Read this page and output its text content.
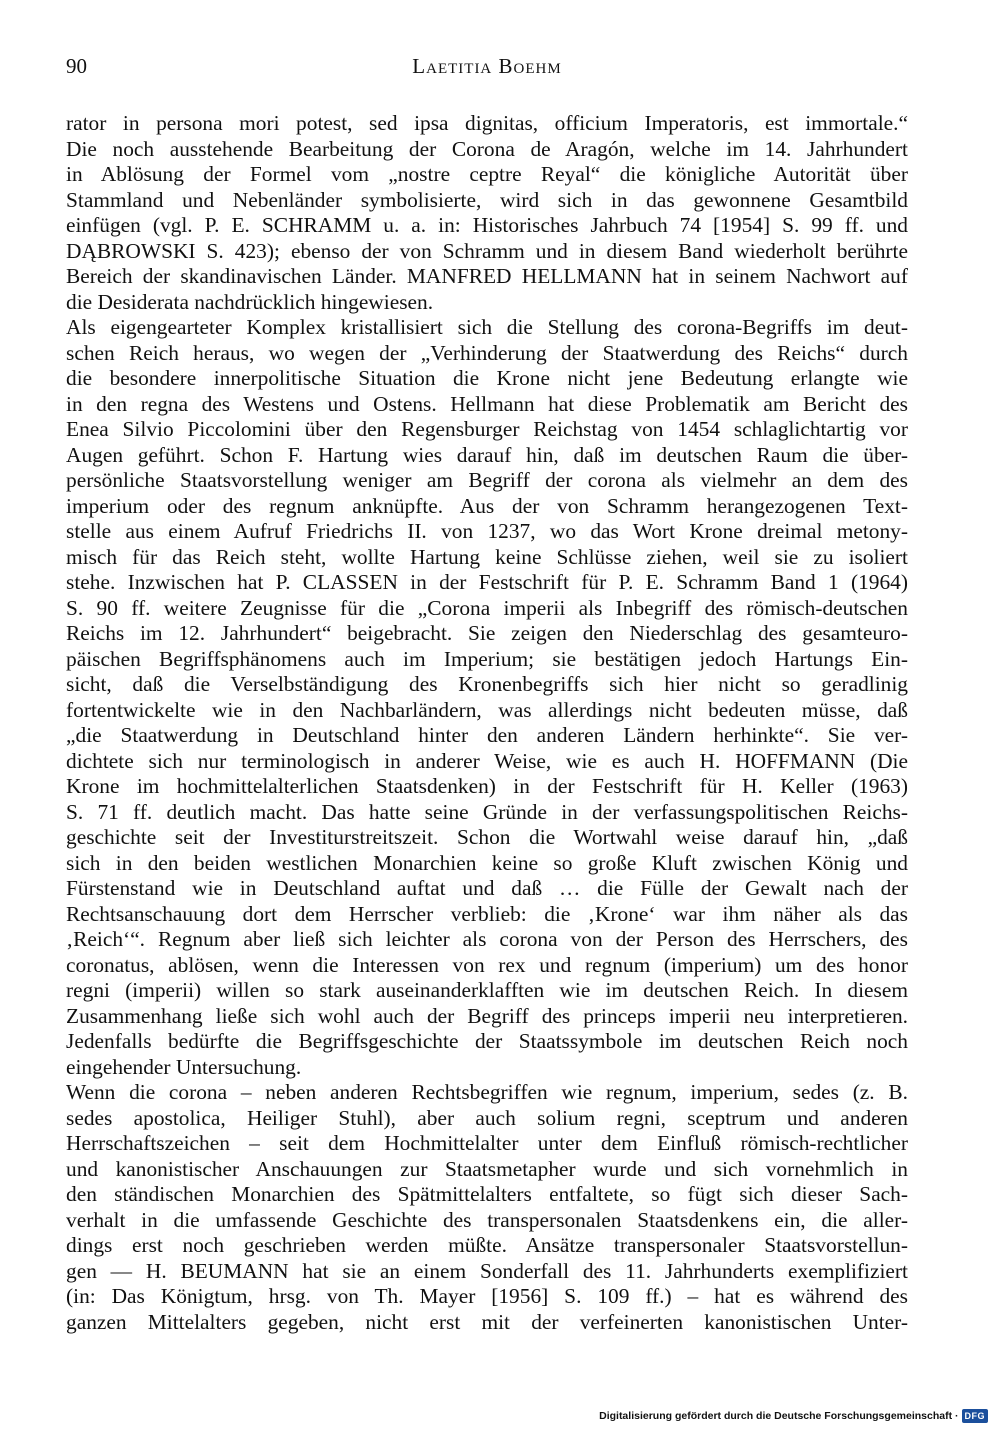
90	Laetitia Boehm
rator in persona mori potest, sed ipsa dignitas, officium Imperatoris, est immortale.“
Die noch ausstehende Bearbeitung der Corona de Aragón, welche im 14. Jahrhundert
in Ablösung der Formel vom „nostre ceptre Reyal“ die königliche Autorität über
Stammland und Nebenländer symbolisierte, wird sich in das gewonnene Gesamtbild
einfügen (vgl. P. E. SCHRAMM u. a. in: Historisches Jahrbuch 74 [1954] S. 99 ff. und
DĄBROWSKI S. 423); ebenso der von Schramm und in diesem Band wiederholt berührte
Bereich der skandinavischen Länder. MANFRED HELLMANN hat in seinem Nachwort auf
die Desiderata nachdrücklich hingewiesen.
Als eigengearteter Komplex kristallisiert sich die Stellung des corona-Begriffs im deut-
schen Reich heraus, wo wegen der „Verhinderung der Staatwerdung des Reichs“ durch
die besondere innerpolitische Situation die Krone nicht jene Bedeutung erlangte wie
in den regna des Westens und Ostens. Hellmann hat diese Problematik am Bericht des
Enea Silvio Piccolomini über den Regensburger Reichstag von 1454 schlaglichtartig vor
Augen geführt. Schon F. Hartung wies darauf hin, daß im deutschen Raum die über-
persönliche Staatsvorstellung weniger am Begriff der corona als vielmehr an dem des
imperium oder des regnum anknüpfte. Aus der von Schramm herangezogenen Text-
stelle aus einem Aufruf Friedrichs II. von 1237, wo das Wort Krone dreimal metony-
misch für das Reich steht, wollte Hartung keine Schlüsse ziehen, weil sie zu isoliert
stehe. Inzwischen hat P. CLASSEN in der Festschrift für P. E. Schramm Band 1 (1964)
S. 90 ff. weitere Zeugnisse für die „Corona imperii als Inbegriff des römisch-deutschen
Reichs im 12. Jahrhundert“ beigebracht. Sie zeigen den Niederschlag des gesamteuro-
päischen Begriffsphänomens auch im Imperium; sie bestätigen jedoch Hartungs Ein-
sicht, daß die Verselbständigung des Kronenbegriffs sich hier nicht so geradlinig
fortentwickelte wie in den Nachbarländern, was allerdings nicht bedeuten müsse, daß
„die Staatwerdung in Deutschland hinter den anderen Ländern herhinkte“. Sie ver-
dichtete sich nur terminologisch in anderer Weise, wie es auch H. HOFFMANN (Die
Krone im hochmittelalterlichen Staatsdenken) in der Festschrift für H. Keller (1963)
S. 71 ff. deutlich macht. Das hatte seine Gründe in der verfassungspolitischen Reichs-
geschichte seit der Investiturstreitszeit. Schon die Wortwahl weise darauf hin, „daß
sich in den beiden westlichen Monarchien keine so große Kluft zwischen König und
Fürstenstand wie in Deutschland auftat und daß … die Fülle der Gewalt nach der
Rechtsanschauung dort dem Herrscher verblieb: die ‚Krone‘ war ihm näher als das
‚Reich‘“. Regnum aber ließ sich leichter als corona von der Person des Herrschers, des
coronatus, ablösen, wenn die Interessen von rex und regnum (imperium) um des honor
regni (imperii) willen so stark auseinanderklafften wie im deutschen Reich. In diesem
Zusammenhang ließe sich wohl auch der Begriff des princeps imperii neu interpretieren.
Jedenfalls bedürfte die Begriffsgeschichte der Staatssymbole im deutschen Reich noch
eingehender Untersuchung.
Wenn die corona – neben anderen Rechtsbegriffen wie regnum, imperium, sedes (z. B.
sedes apostolica, Heiliger Stuhl), aber auch solium regni, sceptrum und anderen
Herrschaftszeichen – seit dem Hochmittelalter unter dem Einfluß römisch-rechtlicher
und kanonistischer Anschauungen zur Staatsmetapher wurde und sich vornehmlich in
den ständischen Monarchien des Spätmittelalters entfaltete, so fügt sich dieser Sach-
verhalt in die umfassende Geschichte des transpersonalen Staatsdenkens ein, die aller-
dings erst noch geschrieben werden müßte. Ansätze transpersonaler Staatsvorstellun-
gen — H. BEUMANN hat sie an einem Sonderfall des 11. Jahrhunderts exemplifiziert
(in: Das Königtum, hrsg. von Th. Mayer [1956] S. 109 ff.) – hat es während des
ganzen Mittelalters gegeben, nicht erst mit der verfeinerten kanonistischen Unter-
Digitalisierung gefördert durch die Deutsche Forschungsgemeinschaft · DFG
